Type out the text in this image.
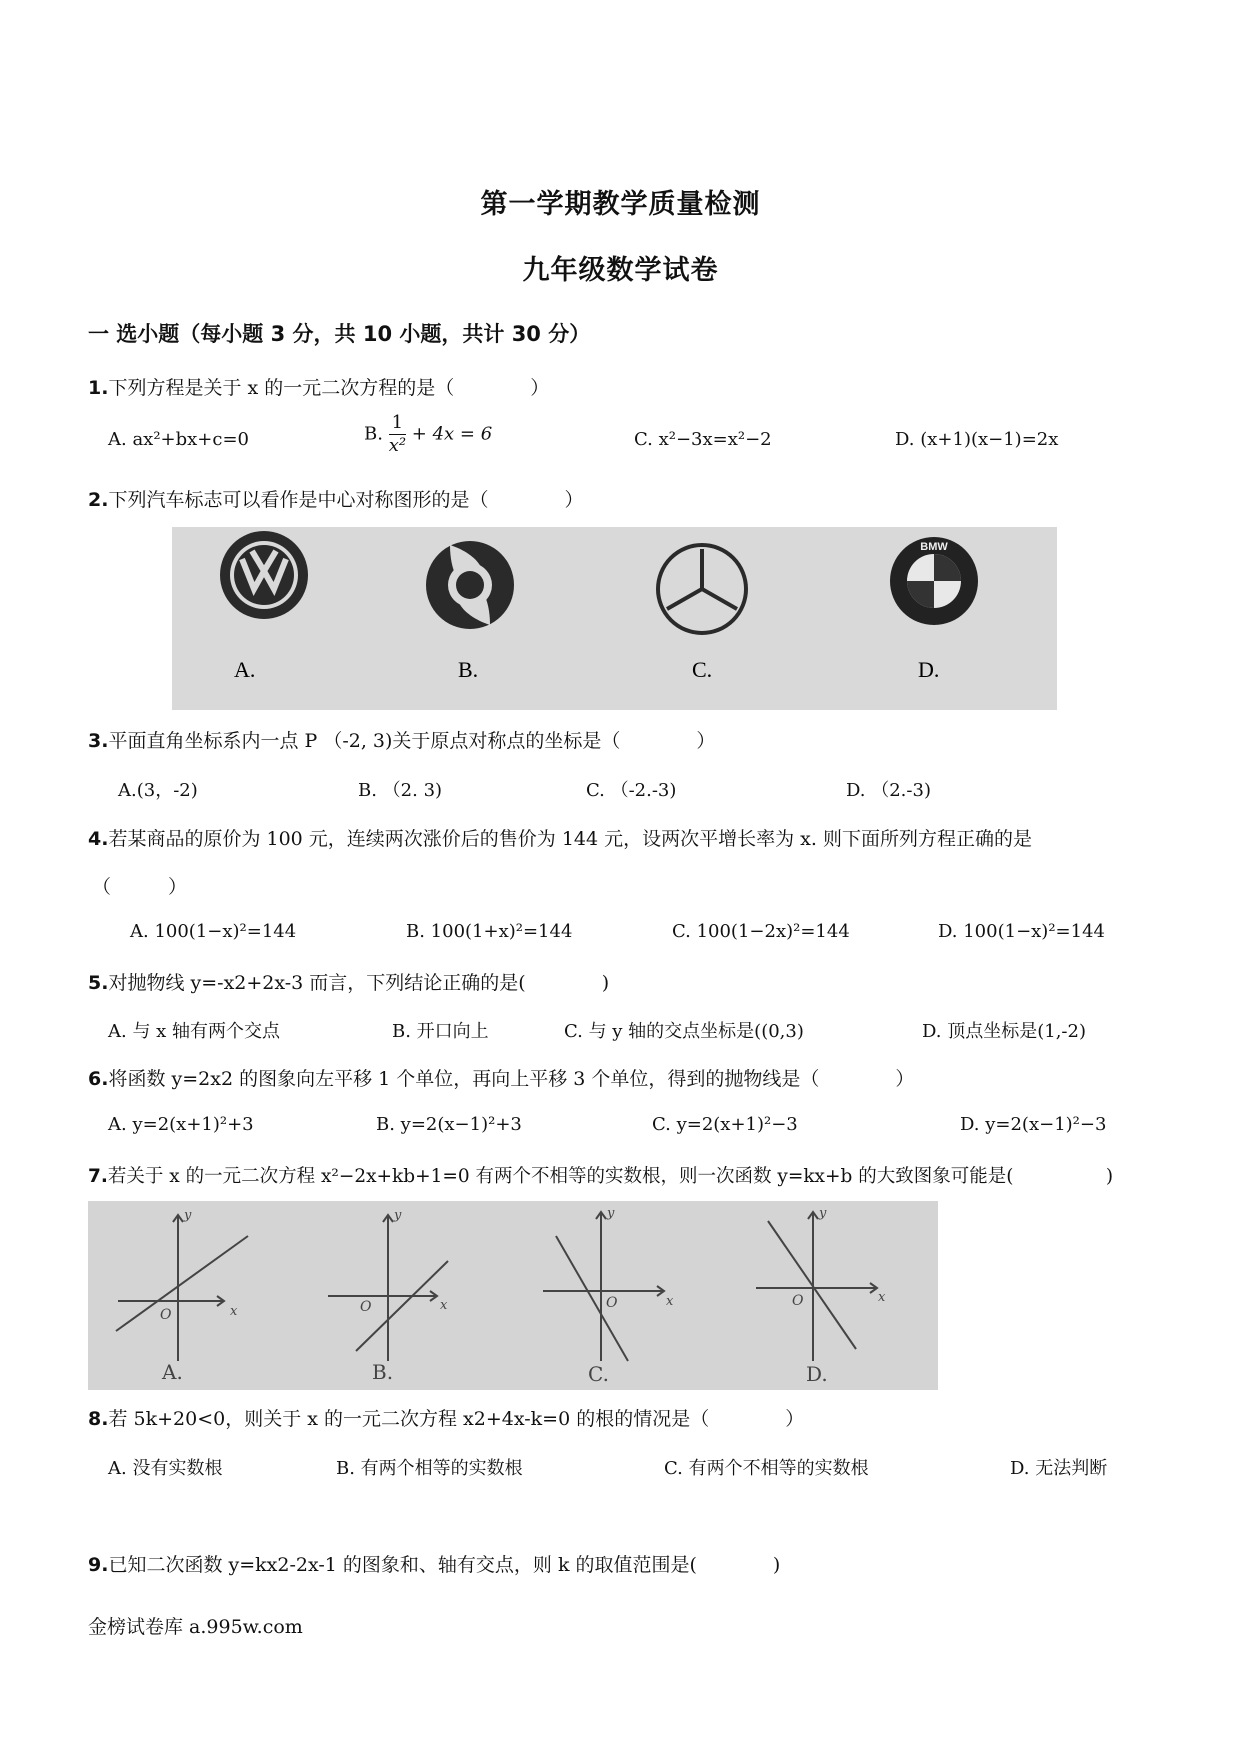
第一学期教学质量检测
九年级数学试卷
一 选小题（每小题 3 分，共 10 小题，共计 30 分）
1.下列方程是关于 x 的一元二次方程的是（　　　　）
A. ax²+bx+c=0	B. $\frac{1}{\text{x²}} + 4x = 6$	C. x²−3x=x²−2	D. (x+1)(x−1)=2x
2.下列汽车标志可以看作是中心对称图形的是（　　　　）
BMW
A.	B.	C.	D.
3.平面直角坐标系内一点 P （-2, 3)关于原点对称点的坐标是（　　　　）
A.(3，-2)	B. （2. 3)	C. （-2.-3)	D. （2.-3)
4.若某商品的原价为 100 元，连续两次涨价后的售价为 144 元，设两次平增长率为 x. 则下面所列方程正确的是
（　　　）
A. 100(1−x)²=144	B. 100(1+x)²=144	C. 100(1−2x)²=144	D. 100(1−x)²=144
5.对抛物线 y=-x2+2x-3 而言，下列结论正确的是(　　　　)
A. 与 x 轴有两个交点	B. 开口向上	C. 与 y 轴的交点坐标是((0,3)	D. 顶点坐标是(1,-2)
6.将函数 y=2x2 的图象向左平移 1 个单位，再向上平移 3 个单位，得到的抛物线是（　　　　）
A. y=2(x+1)²+3	B. y=2(x−1)²+3	C. y=2(x+1)²−3	D. y=2(x−1)²−3
7.若关于 x 的一元二次方程 x²−2x+kb+1=0 有两个不相等的实数根，则一次函数 y=kx+b 的大致图象可能是(　　　　　)
y
x
O
A.
y
x
O
B.
y
x
O
C.
y
x
O
D.
8.若 5k+20<0，则关于 x 的一元二次方程 x2+4x-k=0 的根的情况是（　　　　）
A. 没有实数根	B. 有两个相等的实数根	C. 有两个不相等的实数根	D. 无法判断
9.已知二次函数 y=kx2-2x-1 的图象和、轴有交点，则 k 的取值范围是(　　　　)
金榜试卷库 a.995w.com
